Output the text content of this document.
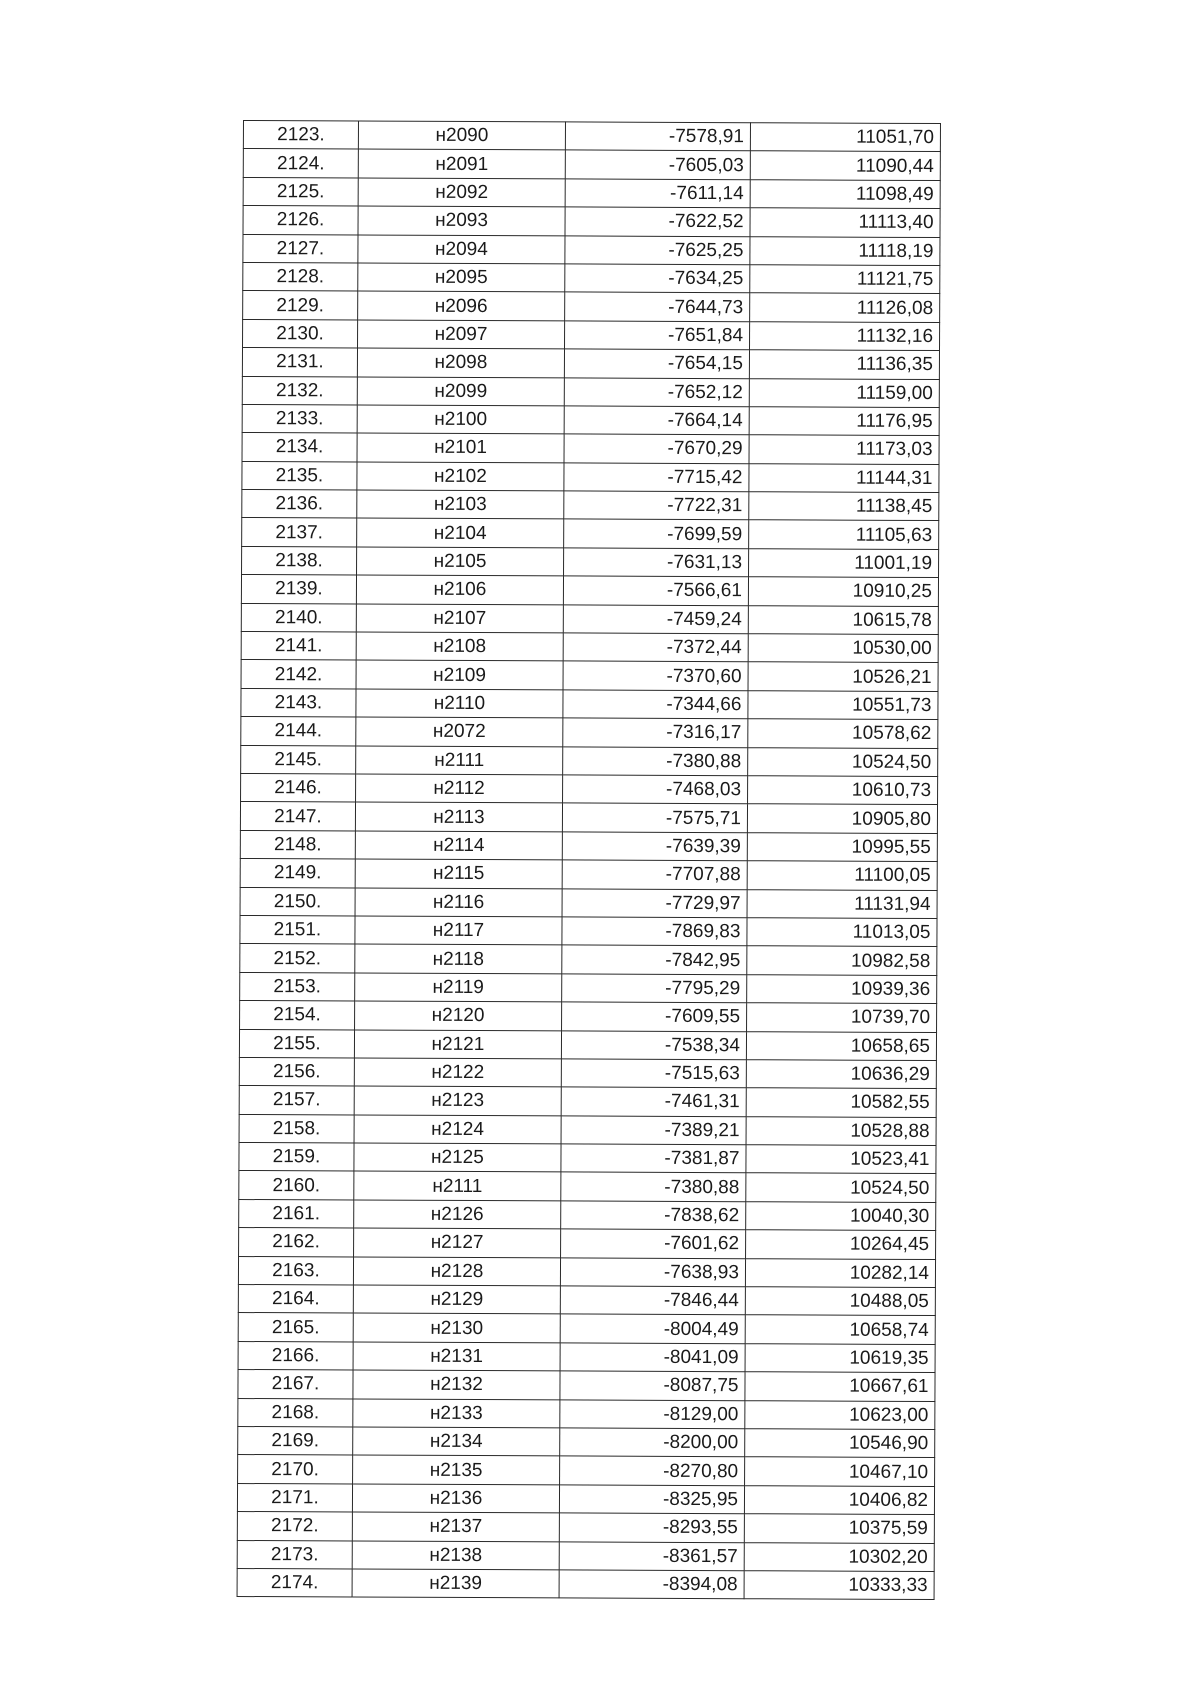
2123.	н2090	-7578,91	11051,70
2124.	н2091	-7605,03	11090,44
2125.	н2092	-7611,14	11098,49
2126.	н2093	-7622,52	11113,40
2127.	н2094	-7625,25	11118,19
2128.	н2095	-7634,25	11121,75
2129.	н2096	-7644,73	11126,08
2130.	н2097	-7651,84	11132,16
2131.	н2098	-7654,15	11136,35
2132.	н2099	-7652,12	11159,00
2133.	н2100	-7664,14	11176,95
2134.	н2101	-7670,29	11173,03
2135.	н2102	-7715,42	11144,31
2136.	н2103	-7722,31	11138,45
2137.	н2104	-7699,59	11105,63
2138.	н2105	-7631,13	11001,19
2139.	н2106	-7566,61	10910,25
2140.	н2107	-7459,24	10615,78
2141.	н2108	-7372,44	10530,00
2142.	н2109	-7370,60	10526,21
2143.	н2110	-7344,66	10551,73
2144.	н2072	-7316,17	10578,62
2145.	н2111	-7380,88	10524,50
2146.	н2112	-7468,03	10610,73
2147.	н2113	-7575,71	10905,80
2148.	н2114	-7639,39	10995,55
2149.	н2115	-7707,88	11100,05
2150.	н2116	-7729,97	11131,94
2151.	н2117	-7869,83	11013,05
2152.	н2118	-7842,95	10982,58
2153.	н2119	-7795,29	10939,36
2154.	н2120	-7609,55	10739,70
2155.	н2121	-7538,34	10658,65
2156.	н2122	-7515,63	10636,29
2157.	н2123	-7461,31	10582,55
2158.	н2124	-7389,21	10528,88
2159.	н2125	-7381,87	10523,41
2160.	н2111	-7380,88	10524,50
2161.	н2126	-7838,62	10040,30
2162.	н2127	-7601,62	10264,45
2163.	н2128	-7638,93	10282,14
2164.	н2129	-7846,44	10488,05
2165.	н2130	-8004,49	10658,74
2166.	н2131	-8041,09	10619,35
2167.	н2132	-8087,75	10667,61
2168.	н2133	-8129,00	10623,00
2169.	н2134	-8200,00	10546,90
2170.	н2135	-8270,80	10467,10
2171.	н2136	-8325,95	10406,82
2172.	н2137	-8293,55	10375,59
2173.	н2138	-8361,57	10302,20
2174.	н2139	-8394,08	10333,33
